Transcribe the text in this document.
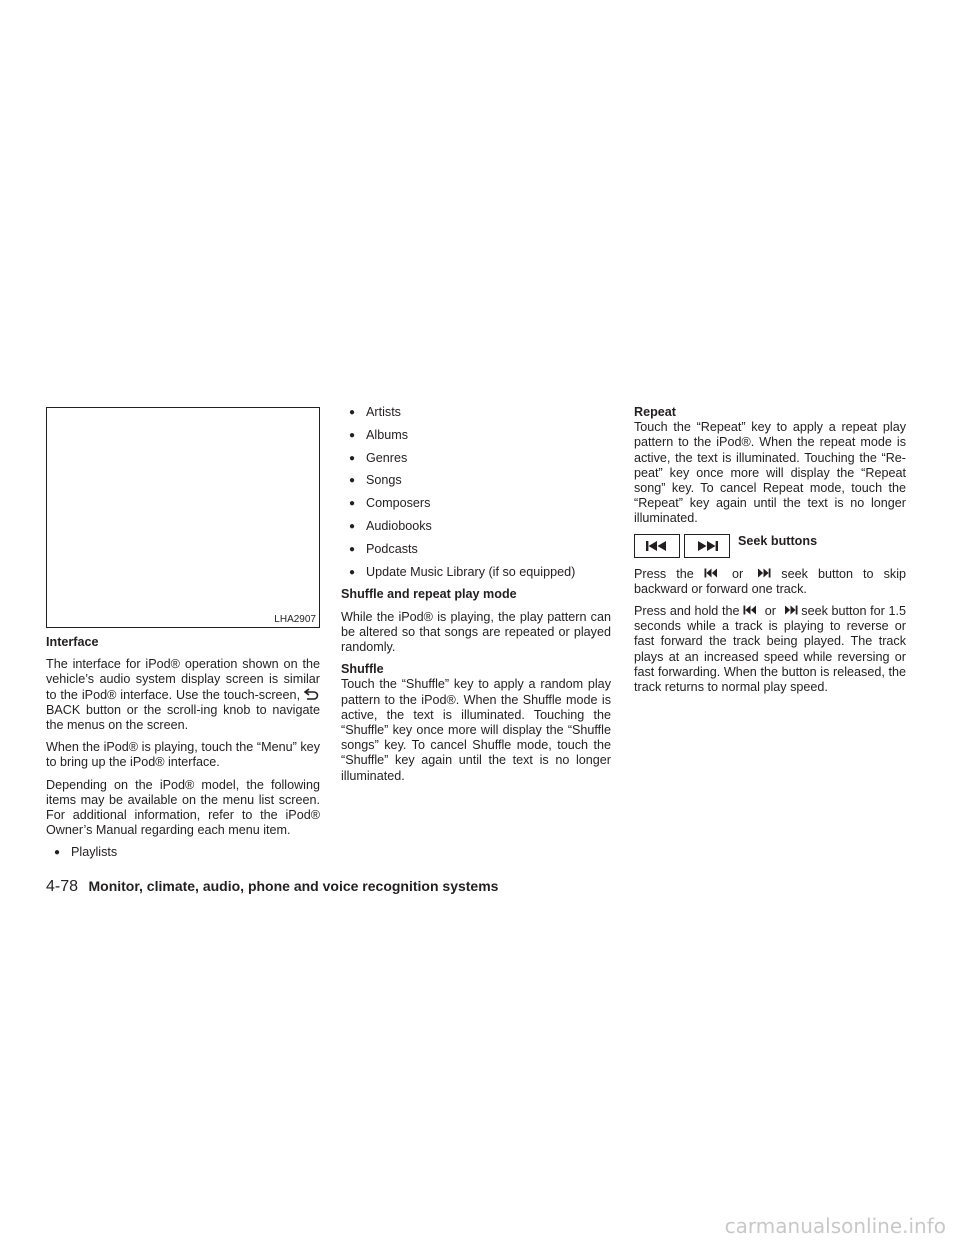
LHA2907
Interface

The interface for iPod® operation shown on the vehicle’s audio system display screen is similar to the iPod® interface. Use the touch-screen,  BACK button or the scroll-ing knob to navigate the menus on the screen.

When the iPod® is playing, touch the “Menu” key to bring up the iPod® interface.

Depending on the iPod® model, the following items may be available on the menu list screen. For additional information, refer to the iPod® Owner’s Manual regarding each menu item.

● Playlists
● Artists
● Albums
● Genres
● Songs
● Composers
● Audiobooks
● Podcasts
● Update Music Library (if so equipped)
Shuffle and repeat play mode

While the iPod® is playing, the play pattern can be altered so that songs are repeated or played randomly.

Shuffle

Touch the “Shuffle” key to apply a random play pattern to the iPod®. When the Shuffle mode is active, the text is illuminated. Touching the “Shuffle” key once more will display the “Shuffle songs” key. To cancel Shuffle mode, touch the “Shuffle” key again until the text is no longer illuminated.

Repeat

Touch the “Repeat” key to apply a repeat play pattern to the iPod®. When the repeat mode is active, the text is illuminated. Touching the “Re-peat” key once more will display the “Repeat song” key. To cancel Repeat mode, touch the “Repeat” key again until the text is no longer illuminated.

Seek buttons

Press the	or	seek button to skip backward or forward one track.

Press and hold the or seek button for 1.5 seconds while a track is playing to reverse or fast forward the track being played. The track plays at an increased speed while reversing or fast forwarding. When the button is released, the track returns to normal play speed.

4-78 Monitor, climate, audio, phone and voice recognition systems
carmanualsonline.info
